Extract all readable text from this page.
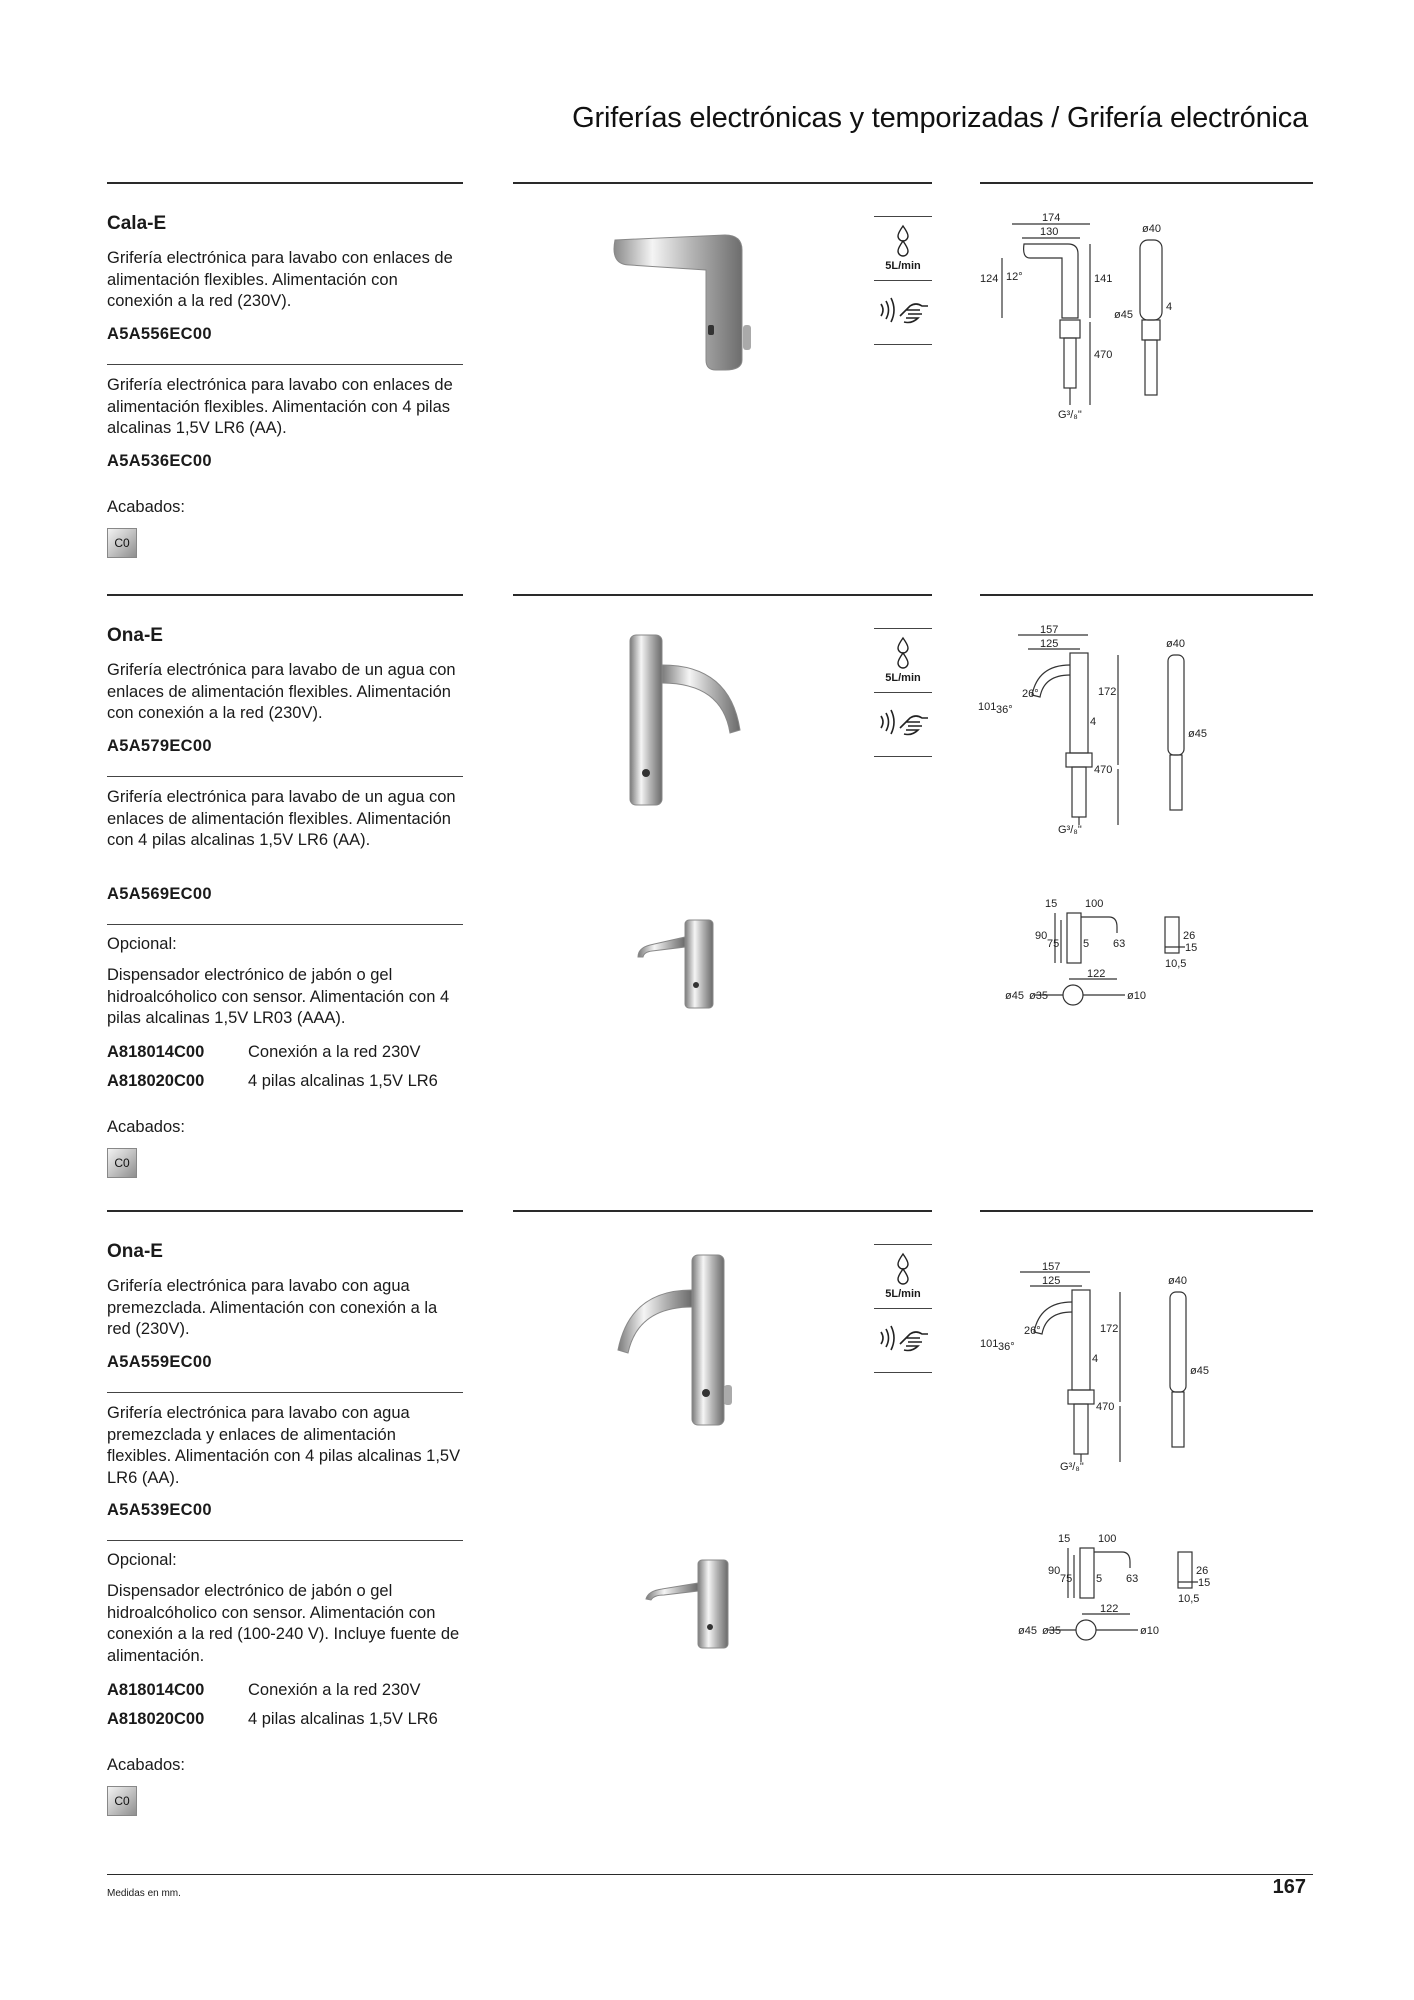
Griferías electrónicas y temporizadas / Grifería electrónica
Cala-E
Grifería electrónica para lavabo con enlaces de alimentación flexibles. Alimentación con conexión a la red (230V).
A5A556EC00
Grifería electrónica para lavabo con enlaces de alimentación flexibles. Alimentación con 4 pilas alcalinas 1,5V LR6 (AA).
A5A536EC00
Acabados:
C0
5L/min
174
130
124 12°	141
470
ø40
ø45
4
G³/₈"
Ona-E
Grifería electrónica para lavabo de un agua con enlaces de alimentación flexibles. Alimentación con conexión a la red (230V).
A5A579EC00
Grifería electrónica para lavabo de un agua con enlaces de alimentación flexibles. Alimentación con 4 pilas alcalinas 1,5V LR6 (AA).
A5A569EC00
Opcional:
Dispensador electrónico de jabón o gel hidroalcóholico con sensor. Alimentación con 4 pilas alcalinas 1,5V LR03 (AAA).
A818014C00	Conexión a la red 230V
A818020C00	4 pilas alcalinas 1,5V LR6
Acabados:
C0
5L/min
157
125
101 36°
26°	172
4
470
ø40
ø45
G³/₈"
15	100
90
75 5 63
26
15
10,5
122
ø45 ø35	ø10
Ona-E
Grifería electrónica para lavabo con agua premezclada. Alimentación con conexión a la red (230V).
A5A559EC00
Grifería electrónica para lavabo con agua premezclada y enlaces de alimentación flexibles. Alimentación con 4 pilas alcalinas 1,5V LR6 (AA).
A5A539EC00
Opcional:
Dispensador electrónico de jabón o gel hidroalcóholico con sensor. Alimentación con conexión a la red (100-240 V). Incluye fuente de alimentación.
A818014C00	Conexión a la red 230V
A818020C00	4 pilas alcalinas 1,5V LR6
Acabados:
C0
5L/min
157
125
101 36°
26°	172
4
470
ø40
ø45
G³/₈"
15	100
90
75 5 63
26
15
10,5
122
ø45 ø35	ø10
Medidas en mm.	167
